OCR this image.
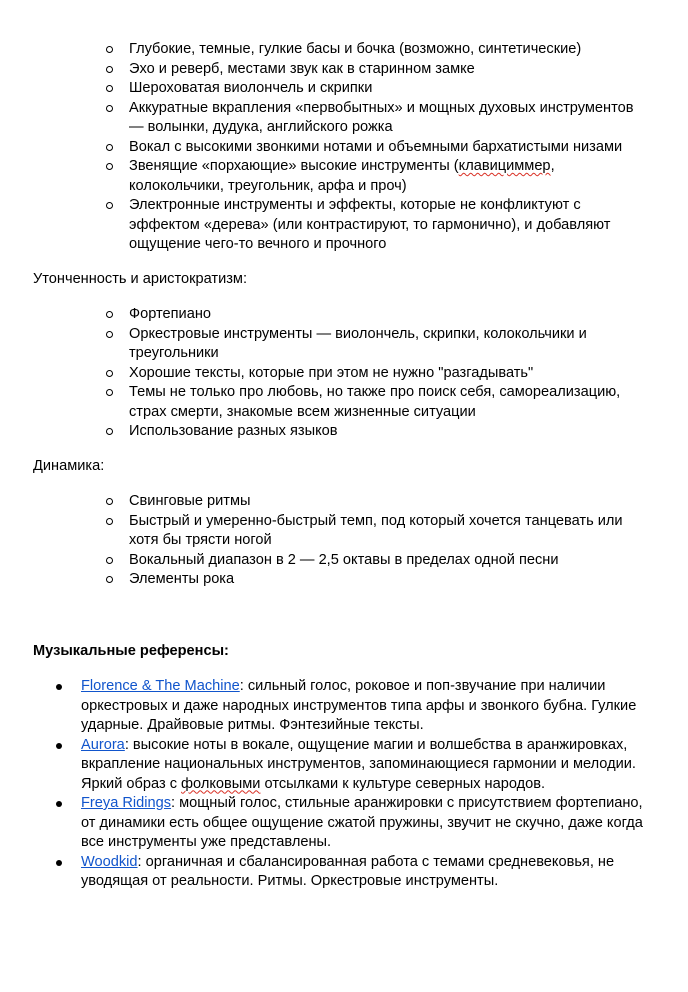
Глубокие, темные, гулкие басы и бочка (возможно, синтетические)
Эхо и реверб, местами звук как в старинном замке
Шероховатая виолончель и скрипки
Аккуратные вкрапления «первобытных» и мощных духовых инструментов — волынки, дудука, английского рожка
Вокал с высокими звонкими нотами и объемными бархатистыми низами
Звенящие «порхающие» высокие инструменты (клавициммер, колокольчики, треугольник, арфа и проч)
Электронные инструменты и эффекты, которые не конфликтуют с эффектом «дерева» (или контрастируют, то гармонично), и добавляют ощущение чего-то вечного и прочного
Утонченность и аристократизм:
Фортепиано
Оркестровые инструменты — виолончель, скрипки, колокольчики и треугольники
Хорошие тексты, которые при этом не нужно "разгадывать"
Темы не только про любовь, но также про поиск себя, самореализацию, страх смерти, знакомые всем жизненные ситуации
Использование разных языков
Динамика:
Свинговые ритмы
Быстрый и умеренно-быстрый темп, под который хочется танцевать или хотя бы трясти ногой
Вокальный диапазон в 2 — 2,5 октавы в пределах одной песни
Элементы рока
Музыкальные референсы:
Florence & The Machine: сильный голос, роковое и поп-звучание при наличии оркестровых и даже народных инструментов типа арфы и звонкого бубна. Гулкие ударные. Драйвовые ритмы. Фэнтезийные тексты.
Aurora: высокие ноты в вокале, ощущение магии и волшебства в аранжировках, вкрапление национальных инструментов, запоминающиеся гармонии и мелодии. Яркий образ с фолковыми отсылками к культуре северных народов.
Freya Ridings: мощный голос, стильные аранжировки с присутствием фортепиано, от динамики есть общее ощущение сжатой пружины, звучит не скучно, даже когда все инструменты уже представлены.
Woodkid: органичная и сбалансированная работа с темами средневековья, не уводящая от реальности. Ритмы. Оркестровые инструменты.
